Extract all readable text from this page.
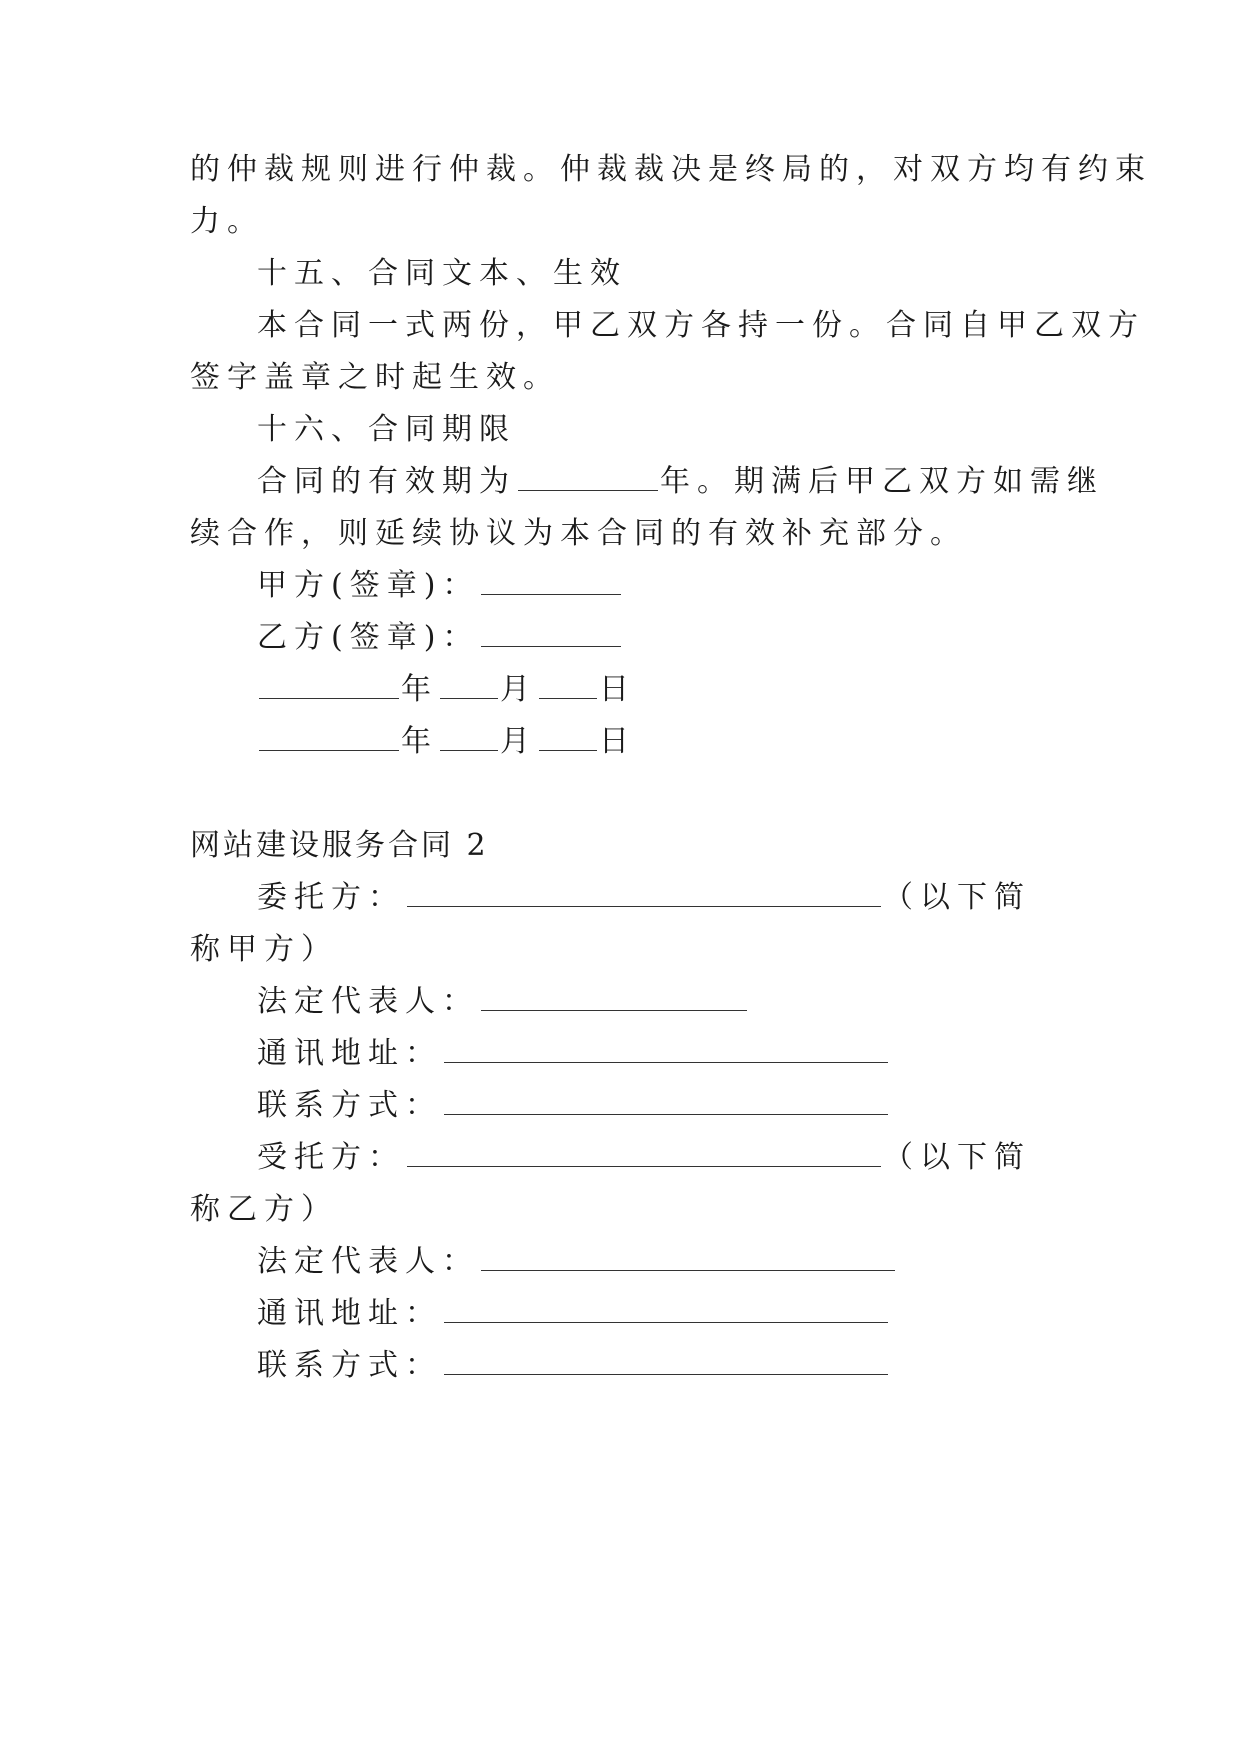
的仲裁规则进行仲裁。仲裁裁决是终局的，对双方均有约束
力。
十五、合同文本、生效
本合同一式两份，甲乙双方各持一份。合同自甲乙双方
签字盖章之时起生效。
十六、合同期限
合同的有效期为	年。期满后甲乙双方如需继
续合作，则延续协议为本合同的有效补充部分。
甲方(签章)：
乙方(签章)：
年 月 日
年 月 日
网站建设服务合同 2
委托方：	（以下简
称甲方）
法定代表人：
通讯地址：
联系方式：
受托方：	（以下简
称乙方）
法定代表人：
通讯地址：
联系方式：
